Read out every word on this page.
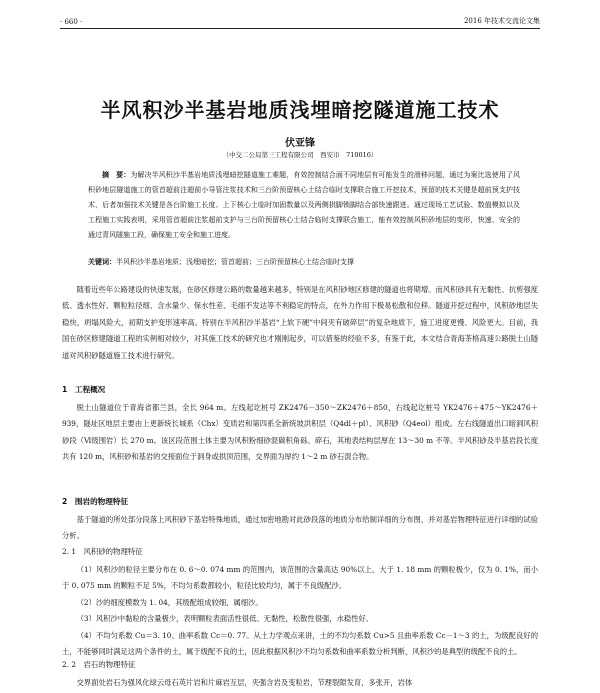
· 660 ·	2016 年技术交流论文集
半风积沙半基岩地质浅埋暗挖隧道施工技术
伏亚锋
（中交二公局第三工程有限公司　西安市　710016）
摘　要：为解决半风积沙半基岩地质浅埋暗挖隧道施工难题，有效控制结合面不同地层有可能发生的滑移问题，通过为案比选使用了风积砂地层隧道施工的管首超前注超前小导管注浆技术和三台阶预留核心土结合临时支撑联合施工开挖技术，预留的技术关键是超前预支护技术，后者加强技术关键是各台阶施工长度、上下核心土临时加固数量以及两侧拱脚锁脚结合部快速跟进。通过现场工艺试验、数值模拟以及工程施工实践表明，采用管首超前注浆超前支护与三台阶预留核心土结合临时支撑联合施工，能有效控制风积砂地层的变形，快速、安全的通过青风隧施工段，确保施工安全和施工进度。
关键词：半风积沙半基岩地质；浅埋暗挖；管首超前；三台阶预留核心土结合临时支撑

随着近些年公路建设的快速发展，在砂区修建公路的数量越来越多，特别是在风积砂地区修建的隧道也将期增。而风积砂具有无黏性、抗剪强度低、透水性好、颗粒粒径细、含水量少、保水性差、毛细不发达等不利稳定的特点，在外力作用下极易松散和位移。隧道开挖过程中，风积砂地层失稳快，坍塌风险大，初期支护变形速率高。特别在半风积沙半基岩“上软下硬”中间夹有破碎层”的复杂地质下，施工进度更慢、风险更大。目前，我国在砂区修建隧道工程的实例相对较少，对其施工技术的研究也才刚刚起步，可以借鉴的经验不多，有鉴于此，本文结合青海茶格高速公路脱土山隧道对风积砂隧道施工技术进行研究。

1　工程概况

脱土山隧道位于青海省都兰县，全长 964 m。左线起讫桩号 ZK2476－350～ZK2476＋850，右线起讫桩号 YK2476＋475～YK2476＋939，隧址区地层主要由上更新统长城系（Chx）变质岩和第四系全新统坡洪积层（Q4dl＋pl）、风积砂（Q4eol）组成。左右线隧道出口暗洞风积砂段（Ⅵ级围岩）长 270 m。该区段范围土体主要为风积粉细砂混碳积角砾、碎石，其地表结构层厚在 13～30 m 不等。半风积砂及半基岩段长度共有 120 m，风积砂和基岩的交接面位于洞身或拱顶范围，交界面为厚约 1～2 m 砂石混合物。

2　围岩的物理特征

基于隧道的所处部分段落上风积砂下基岩特殊地质，通过加密地勘对此砂段落的地质分布给制详细的分布图，并对基岩物理特征进行详细的试验分析。

2. 1　风积砂的物理特征

（1）风积沙的粒径主要分布在 0. 6～0. 074 mm 的范围内，该范围的含量高达 90%以上，大于 1. 18 mm 的颗粒极少，仅为 0. 1%，而小于 0. 075 mm 的颗粒不足 5%，不均匀系数都较小，粒径比较均匀，属于不良级配沙。

（2）沙的细度模数为 1. 04，其级配组成较细，属细沙。

（3）风积沙中黏粒的含量极少，表明颗粒表面活性很低、无黏性，松散性很强，水稳性好。

（4）不均匀系数 Cu＝3. 10、曲率系数 Cc＝0. 77。从土力学观点来讲，土的不均匀系数 Cu>5 且曲率系数 Cc－1～3 的土，为级配良好的土，不能够同时满足这两个条件的土，属于级配不良的土，因此根据风积沙不均匀系数和曲率系数分析判断，风积沙的是典型的级配不良的土。

2. 2　岩石的物理特征

交界面处岩石为强风化绿云母石英片岩和片麻岩互层，夹强含岩及变粒岩，节理裂隙发育，多张开，岩体
